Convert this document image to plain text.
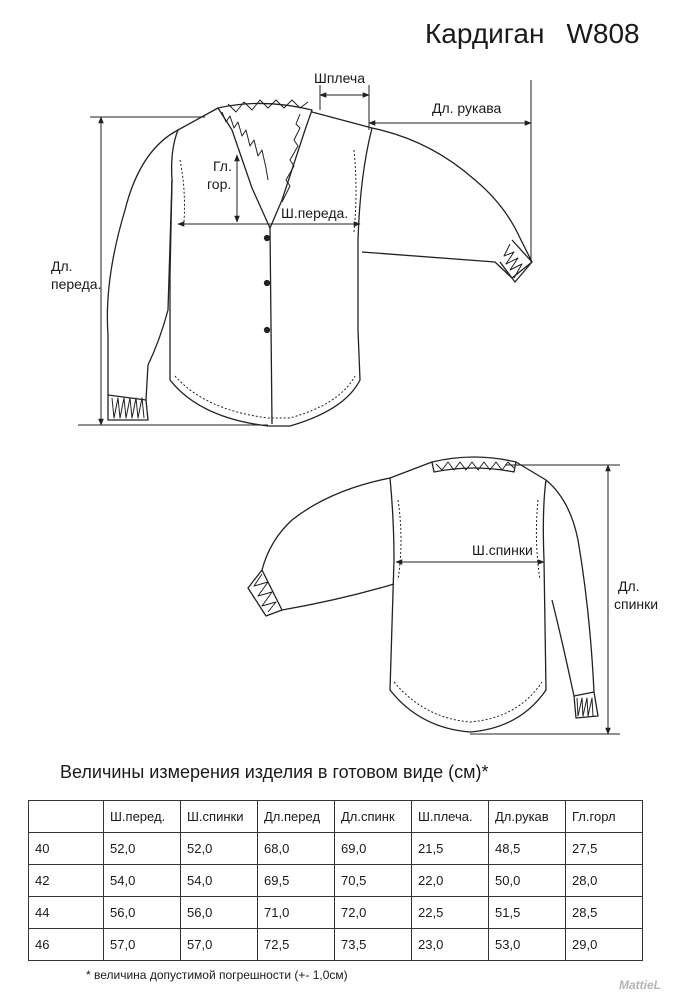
Кардиган W808
Шплеча
Дл. рукава
Гл.
гор.
Ш.переда.
Дл.
переда.
Ш.спинки
Дл.
спинки
Величины измерения изделия в готовом виде (см)*
	Ш.перед.	Ш.спинки	Дл.перед	Дл.спинк	Ш.плеча.	Дл.рукав	Гл.горл
40	52,0	52,0	68,0	69,0	21,5	48,5	27,5
42	54,0	54,0	69,5	70,5	22,0	50,0	28,0
44	56,0	56,0	71,0	72,0	22,5	51,5	28,5
46	57,0	57,0	72,5	73,5	23,0	53,0	29,0
* величина допустимой погрешности (+- 1,0см)
MattieL
